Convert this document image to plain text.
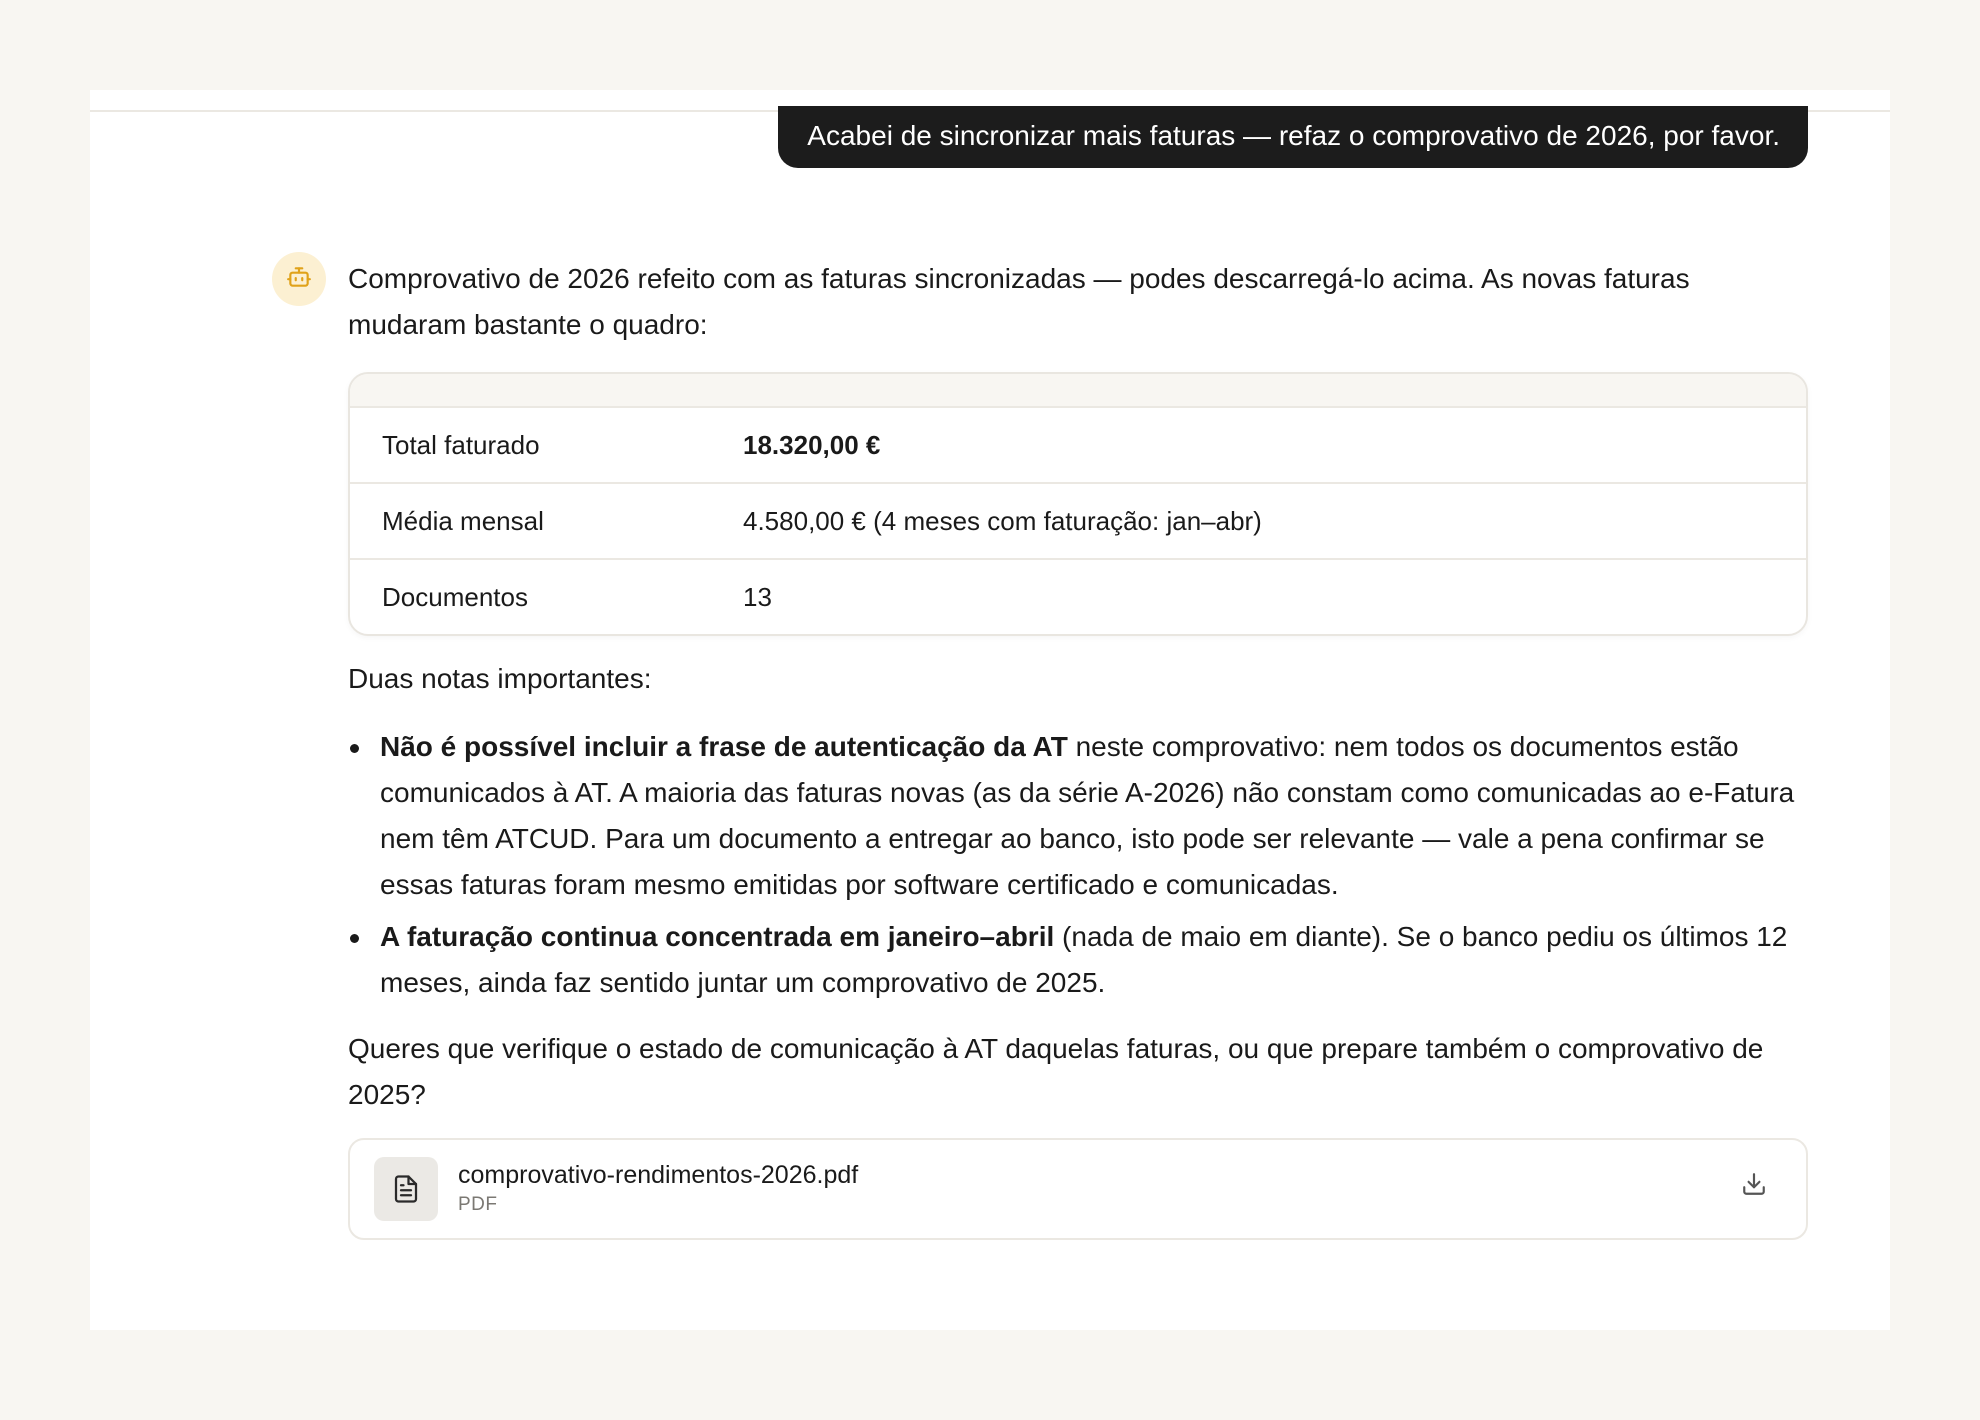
Acabei de sincronizar mais faturas — refaz o comprovativo de 2026, por favor.

Comprovativo de 2026 refeito com as faturas sincronizadas — podes descarregá-lo acima. As novas faturas mudaram bastante o quadro:

Total faturado	18.320,00 €
Média mensal	4.580,00 € (4 meses com faturação: jan–abr)
Documentos	13

Duas notas importantes:

Não é possível incluir a frase de autenticação da AT neste comprovativo: nem todos os documentos estão comunicados à AT. A maioria das faturas novas (as da série A-2026) não constam como comunicadas ao e-Fatura nem têm ATCUD. Para um documento a entregar ao banco, isto pode ser relevante — vale a pena confirmar se essas faturas foram mesmo emitidas por software certificado e comunicadas.
A faturação continua concentrada em janeiro–abril (nada de maio em diante). Se o banco pediu os últimos 12 meses, ainda faz sentido juntar um comprovativo de 2025.

Queres que verifique o estado de comunicação à AT daquelas faturas, ou que prepare também o comprovativo de 2025?

comprovativo-rendimentos-2026.pdf
PDF
